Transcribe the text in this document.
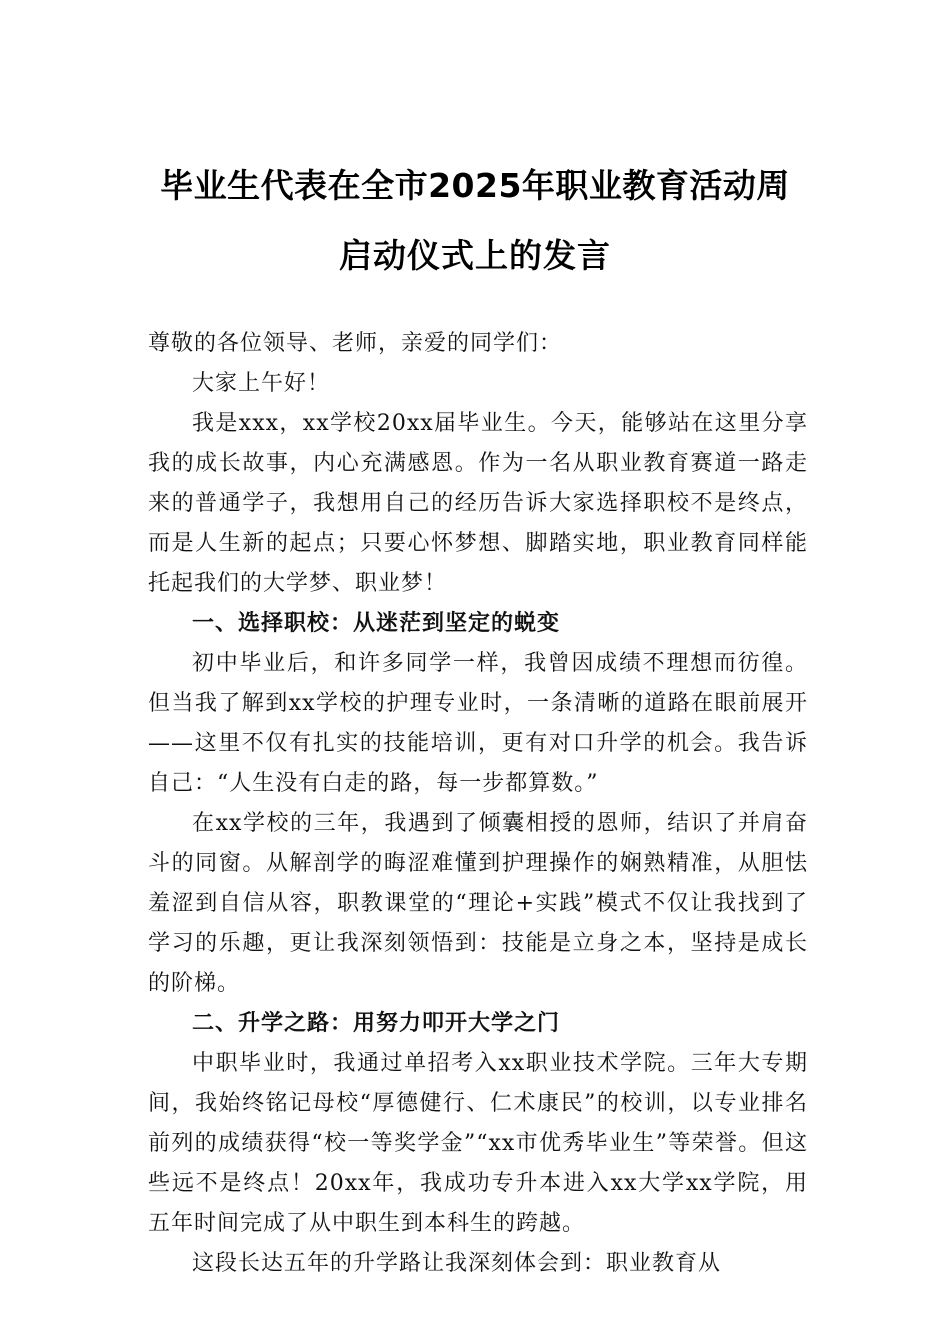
毕业生代表在全市2025年职业教育活动周
启动仪式上的发言

尊敬的各位领导、老师，亲爱的同学们：

大家上午好！

我是xxx，xx学校20xx届毕业生。今天，能够站在这里分享我的成长故事，内心充满感恩。作为一名从职业教育赛道一路走来的普通学子，我想用自己的经历告诉大家选择职校不是终点，而是人生新的起点；只要心怀梦想、脚踏实地，职业教育同样能托起我们的大学梦、职业梦！

一、选择职校：从迷茫到坚定的蜕变

初中毕业后，和许多同学一样，我曾因成绩不理想而彷徨。但当我了解到xx学校的护理专业时，一条清晰的道路在眼前展开——这里不仅有扎实的技能培训，更有对口升学的机会。我告诉自己：“人生没有白走的路，每一步都算数。”

在xx学校的三年，我遇到了倾囊相授的恩师，结识了并肩奋斗的同窗。从解剖学的晦涩难懂到护理操作的娴熟精准，从胆怯羞涩到自信从容，职教课堂的“理论+实践”模式不仅让我找到了学习的乐趣，更让我深刻领悟到：技能是立身之本，坚持是成长的阶梯。

二、升学之路：用努力叩开大学之门

中职毕业时，我通过单招考入xx职业技术学院。三年大专期间，我始终铭记母校“厚德健行、仁术康民”的校训，以专业排名前列的成绩获得“校一等奖学金”“xx市优秀毕业生”等荣誉。但这些远不是终点！20xx年，我成功专升本进入xx大学xx学院，用五年时间完成了从中职生到本科生的跨越。

这段长达五年的升学路让我深刻体会到：职业教育从
